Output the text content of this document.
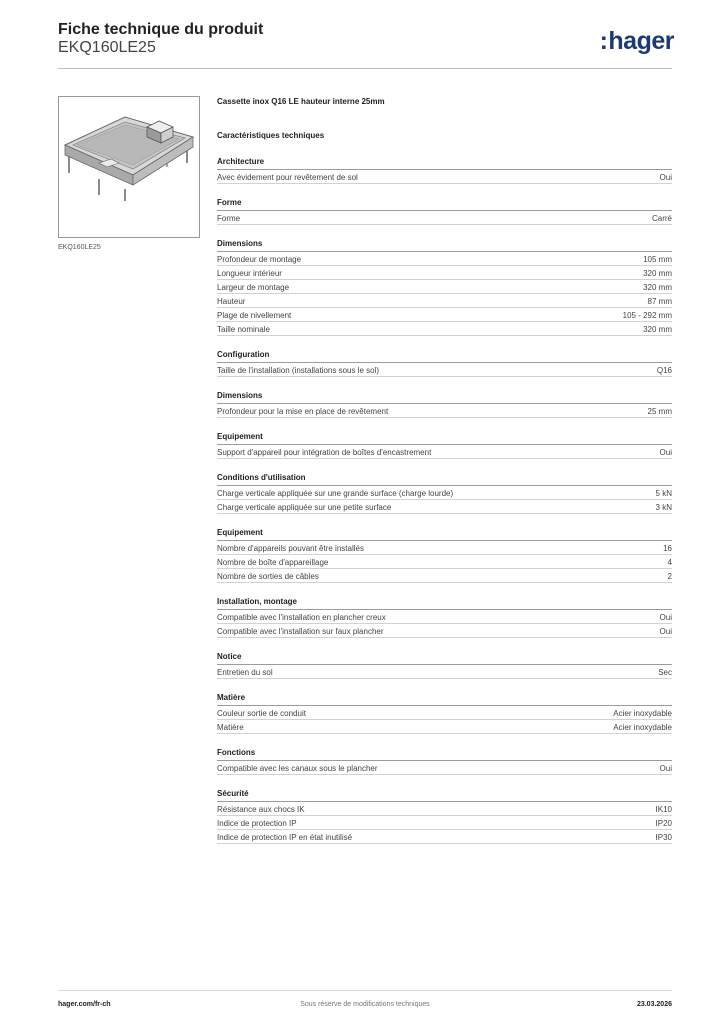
Fiche technique du produit
EKQ160LE25	:hager
EKQ160LE25
Cassette inox Q16 LE hauteur interne 25mm
Caractéristiques techniques
Architecture
Avec évidement pour revêtement de sol	Oui
Forme
Forme	Carré
Dimensions
Profondeur de montage	105 mm
Longueur intérieur	320 mm
Largeur de montage	320 mm
Hauteur	87 mm
Plage de nivellement	105 - 292 mm
Taille nominale	320 mm
Configuration
Taille de l'installation (installations sous le sol)	Q16
Dimensions
Profondeur pour la mise en place de revêtement	25 mm
Equipement
Support d'appareil pour intégration de boîtes d'encastrement	Oui
Conditions d'utilisation
Charge verticale appliquée sur une grande surface (charge lourde)	5 kN
Charge verticale appliquée sur une petite surface	3 kN
Equipement
Nombre d'appareils pouvant être installés	16
Nombre de boîte d'appareillage	4
Nombre de sorties de câbles	2
Installation, montage
Compatible avec l'installation en plancher creux	Oui
Compatible avec l'installation sur faux plancher	Oui
Notice
Entretien du sol	Sec
Matière
Couleur sortie de conduit	Acier inoxydable
Matière	Acier inoxydable
Fonctions
Compatible avec les canaux sous le plancher	Oui
Sécurité
Résistance aux chocs IK	IK10
Indice de protection IP	IP20
Indice de protection IP en état inutilisé	IP30
hager.com/fr-ch	Sous réserve de modifications techniques	23.03.2026
